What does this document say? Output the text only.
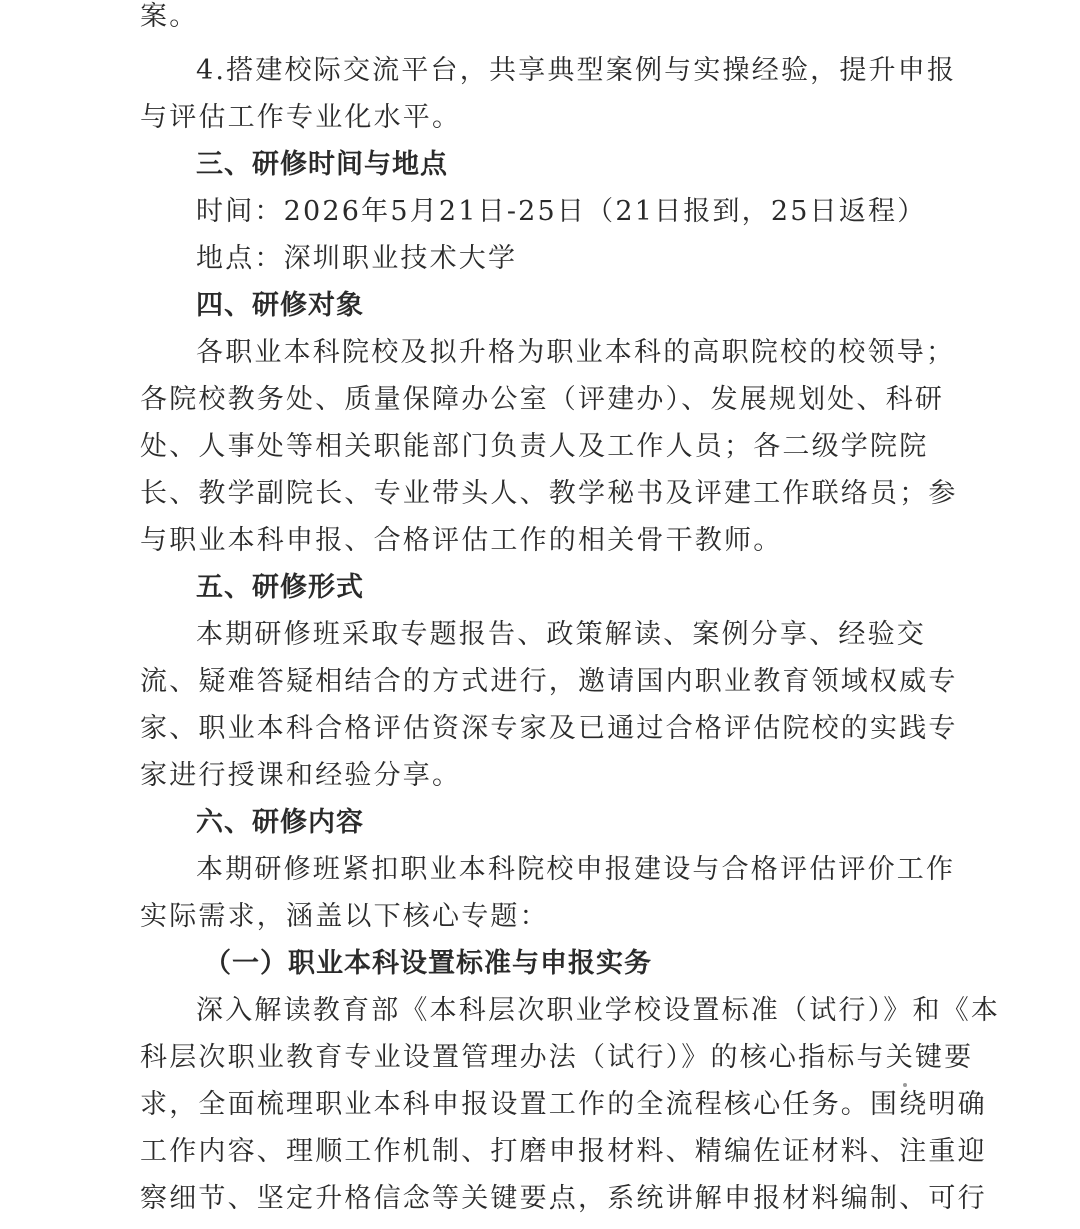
案。
4.搭建校际交流平台，共享典型案例与实操经验，提升申报
与评估工作专业化水平。
三、研修时间与地点
时间：2026年5月21日-25日（21日报到，25日返程）
地点：深圳职业技术大学
四、研修对象
各职业本科院校及拟升格为职业本科的高职院校的校领导；
各院校教务处、质量保障办公室（评建办）、发展规划处、科研
处、人事处等相关职能部门负责人及工作人员；各二级学院院
长、教学副院长、专业带头人、教学秘书及评建工作联络员；参
与职业本科申报、合格评估工作的相关骨干教师。
五、研修形式
本期研修班采取专题报告、政策解读、案例分享、经验交
流、疑难答疑相结合的方式进行，邀请国内职业教育领域权威专
家、职业本科合格评估资深专家及已通过合格评估院校的实践专
家进行授课和经验分享。
六、研修内容
本期研修班紧扣职业本科院校申报建设与合格评估评价工作
实际需求，涵盖以下核心专题：
（一）职业本科设置标准与申报实务
深入解读教育部《本科层次职业学校设置标准（试行）》和《本
科层次职业教育专业设置管理办法（试行）》的核心指标与关键要
求，全面梳理职业本科申报设置工作的全流程核心任务。围绕明确
工作内容、理顺工作机制、打磨申报材料、精编佐证材料、注重迎
察细节、坚定升格信念等关键要点，系统讲解申报材料编制、可行
